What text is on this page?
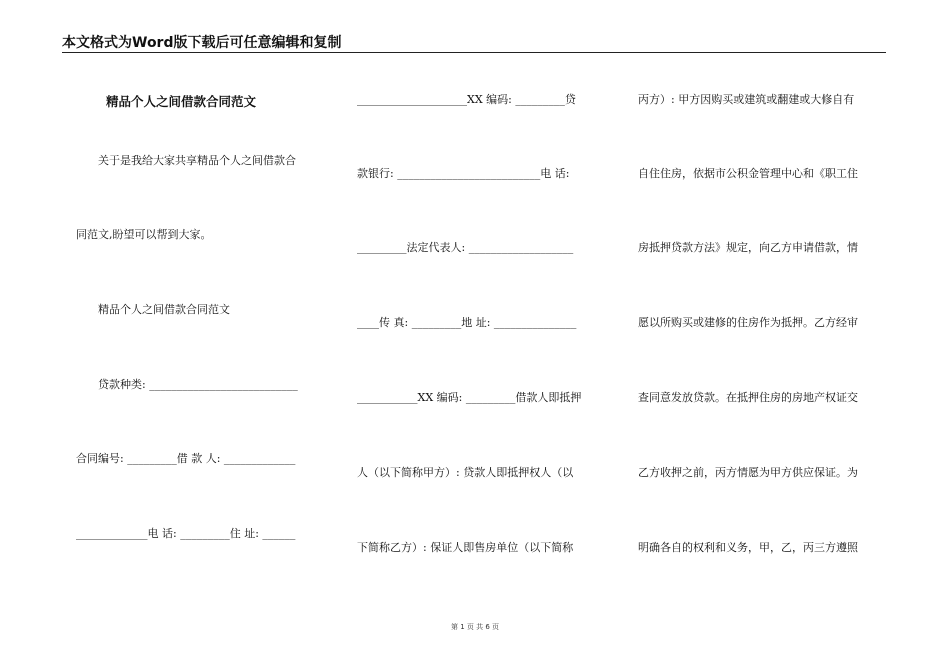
本文格式为Word版下载后可任意编辑和复制
精品个人之间借款合同范文
关于是我给大家共享精品个人之间借款合
同范文,盼望可以帮到大家。
精品个人之间借款合同范文
贷款种类: ___________________________
合同编号: _________借 款 人: _____________
_____________电 话: _________住 址: ______
____________________XX 编码: _________贷
款银行: __________________________电 话:
_________法定代表人: ___________________
____传 真: _________地 址: _______________
___________XX 编码: _________借款人即抵押
人（以下简称甲方）: 贷款人即抵押权人（以
下简称乙方）: 保证人即售房单位（以下简称
丙方）: 甲方因购买或建筑或翻建或大修自有
自住住房，依据市公积金管理中心和《职工住
房抵押贷款方法》规定，向乙方申请借款，情
愿以所购买或建修的住房作为抵押。乙方经审
查同意发放贷款。在抵押住房的房地产权证交
乙方收押之前，丙方情愿为甲方供应保证。为
明确各自的权利和义务，甲，乙，丙三方遵照
第 1 页 共 6 页
